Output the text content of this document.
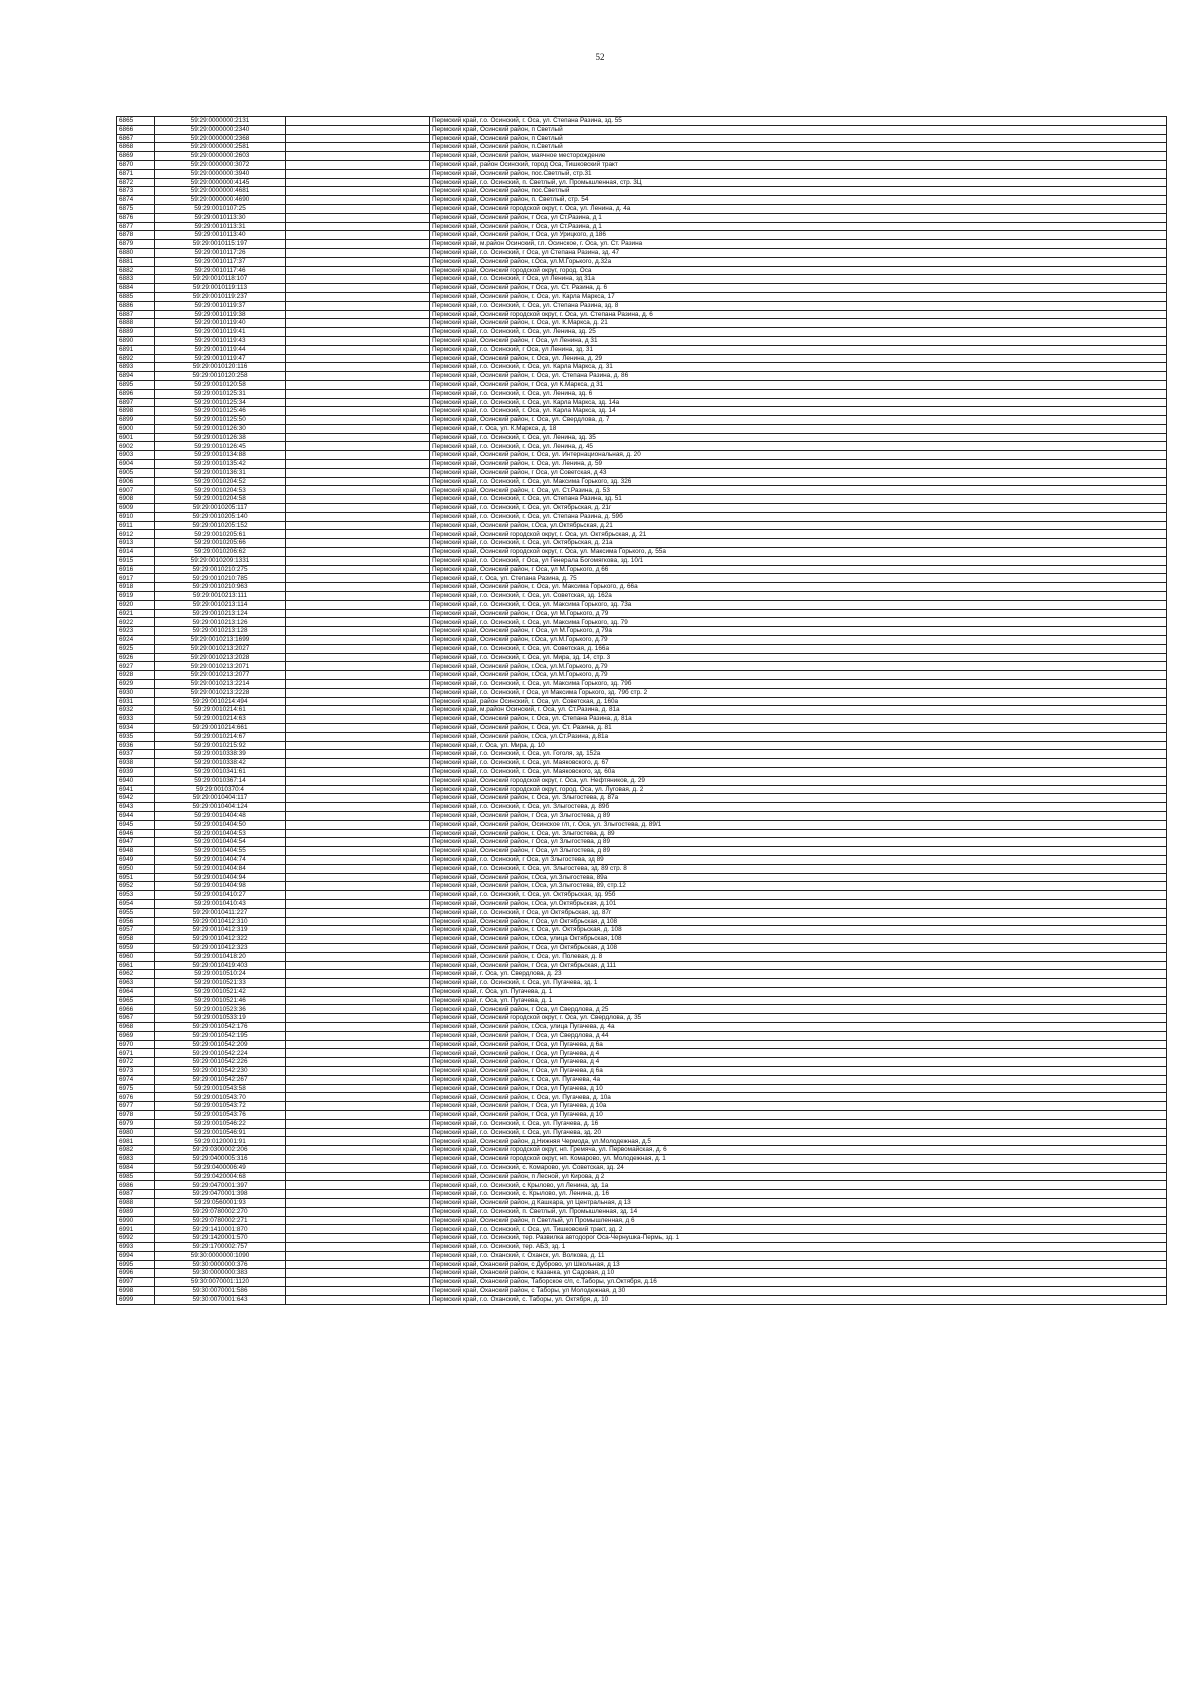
52
6865	59:29:0000000:2131		Пермский край, г.о. Осинский, г. Оса, ул. Степана Разина, зд. 55
6866	59:29:0000000:2340		Пермский край, Осинский район, п Светлый
6867	59:29:0000000:2368		Пермский край, Осинский район, п Светлый
6868	59:29:0000000:2581		Пермский край, Осинский район, п.Светлый
6869	59:29:0000000:2603		Пермский край, Осинский район, маячное месторождение
6870	59:29:0000000:3072		Пермский край, район Осинский, город Оса, Тишковский тракт
6871	59:29:0000000:3940		Пермский край, Осинский район, пос.Светлый, стр.31
6872	59:29:0000000:4145		Пермский край, г.о. Осинский, п. Светлый, ул. Промышленная, стр. 3Ц
6873	59:29:0000000:4681		Пермский край, Осинский район, пос.Светлый
6874	59:29:0000000:4690		Пермский край, Осинский район, п. Светлый, стр. 54
6875	59:29:0010107:25		Пермский край, Осинский городской округ, г. Оса, ул. Ленина, д. 4а
6876	59:29:0010113:30		Пермский край, Осинский район, г Оса, ул Ст.Разина, д 1
6877	59:29:0010113:31		Пермский край, Осинский район, г Оса, ул Ст.Разина, д 1
6878	59:29:0010113:40		Пермский край, Осинский район, г Оса, ул Урицкого, д 186
6879	59:29:0010115:197		Пермский край, м.район Осинский, г.п. Осинское, г. Оса, ул. Ст. Разина
6880	59:29:0010117:26		Пермский край, г.о. Осинский, г Оса, ул Степана Разина, зд. 47
6881	59:29:0010117:37		Пермский край, Осинский район, г.Оса, ул.М.Горького, д.32а
6882	59:29:0010117:46		Пермский край, Осинский городской округ, город. Оса
6883	59:29:0010118:107		Пермский край, г.о. Осинский, г Оса, ул Ленина, зд 31а
6884	59:29:0010119:113		Пермский край, Осинский район, г Оса, ул. Ст. Разина, д. 6
6885	59:29:0010119:237		Пермский край, Осинский район, г. Оса, ул. Карла Маркса, 17
6886	59:29:0010119:37		Пермский край, г.о. Осинский, г. Оса, ул. Степана Разина, зд. 8
6887	59:29:0010119:38		Пермский край, Осинский городской округ, г. Оса, ул. Степана Разина, д. 6
6888	59:29:0010119:40		Пермский край, Осинский район, г. Оса, ул. К.Маркса, д. 21
6889	59:29:0010119:41		Пермский край, г.о. Осинский, г. Оса, ул. Ленина, зд. 25
6890	59:29:0010119:43		Пермский край, Осинский район, г Оса, ул Ленина, д 31
6891	59:29:0010119:44		Пермский край, г.о. Осинский, г Оса, ул Ленина, зд. 31
6892	59:29:0010119:47		Пермский край, Осинский район, г. Оса, ул. Ленина, д. 29
6893	59:29:0010120:116		Пермский край, г.о. Осинский, г. Оса, ул. Карла Маркса, д. 31
6894	59:29:0010120:258		Пермский край, Осинский район, г. Оса, ул. Степана Разина, д. 86
6895	59:29:0010120:58		Пермский край, Осинский район, г Оса, ул К.Маркса, д 31
6896	59:29:0010125:31		Пермский край, г.о. Осинский, г. Оса, ул. Ленина, зд. 6
6897	59:29:0010125:34		Пермский край, г.о. Осинский, г. Оса, ул. Карла Маркса, зд. 14а
6898	59:29:0010125:46		Пермский край, г.о. Осинский, г. Оса, ул. Карла Маркса, зд. 14
6899	59:29:0010125:50		Пермский край, Осинский район, г. Оса, ул. Свердлова, д. 7
6900	59:29:0010126:30		Пермский край, г. Оса, ул. К.Маркса, д. 18
6901	59:29:0010126:38		Пермский край, г.о. Осинский, г. Оса, ул. Ленина, зд. 35
6902	59:29:0010126:45		Пермский край, г.о. Осинский, г. Оса, ул. Ленина, д. 45
6903	59:29:0010134:88		Пермский край, Осинский район, г. Оса, ул. Интернациональная, д. 20
6904	59:29:0010135:42		Пермский край, Осинский район, г. Оса, ул. Ленина, д. 59
6905	59:29:0010136:31		Пермский край, Осинский район, г Оса, ул Советская, д 43
6906	59:29:0010204:52		Пермский край, г.о. Осинский, г. Оса, ул. Максима Горького, зд. 326
6907	59:29:0010204:53		Пермский край, Осинский район, г. Оса, ул. Ст.Разина, д. 53
6908	59:29:0010204:58		Пермский край, г.о. Осинский, г. Оса, ул. Степана Разина, зд. 51
6909	59:29:0010205:117		Пермский край, г.о. Осинский, г. Оса, ул. Октябрьская, д. 21г
6910	59:29:0010205:140		Пермский край, г.о. Осинский, г. Оса, ул. Степана Разина, д. 59б
6911	59:29:0010205:152		Пермский край, Осинский район, г.Оса, ул.Октябрьская, д.21
6912	59:29:0010205:61		Пермский край, Осинский городской округ, г. Оса, ул. Октябрьская, д. 21
6913	59:29:0010205:66		Пермский край, г.о. Осинский, г. Оса, ул. Октябрьская, д. 21а
6914	59:29:0010206:62		Пермский край, Осинский городской округ, г. Оса, ул. Максима Горького, д. 55а
6915	59:29:0010209:1331		Пермский край, г.о. Осинский, г Оса, ул Генерала Богомягкова, зд. 10/1
6916	59:29:0010210:275		Пермский край, Осинский район, г Оса, ул М.Горького, д 66
6917	59:29:0010210:785		Пермский край, г. Оса, ул. Степана Разина, д. 75
6918	59:29:0010210:963		Пермский край, Осинский район, г. Оса, ул. Максима Горького, д. 66а
6919	59:29:0010213:111		Пермский край, г.о. Осинский, г. Оса, ул. Советская, зд. 162а
6920	59:29:0010213:114		Пермский край, г.о. Осинский, г. Оса, ул. Максима Горького, зд. 73а
6921	59:29:0010213:124		Пермский край, Осинский район, г Оса, ул М.Горького, д 79
6922	59:29:0010213:126		Пермский край, г.о. Осинский, г. Оса, ул. Максима Горького, зд. 79
6923	59:29:0010213:128		Пермский край, Осинский район, г Оса, ул М.Горького, д 79а
6924	59:29:0010213:1699		Пермский край, Осинский район, г.Оса, ул.М.Горького, д.79
6925	59:29:0010213:2027		Пермский край, г.о. Осинский, г. Оса, ул. Советская, д. 166а
6926	59:29:0010213:2028		Пермский край, г.о. Осинский, г. Оса, ул. Мира, зд. 14, стр. 3
6927	59:29:0010213:2071		Пермский край, Осинский район, г.Оса, ул.М.Горького, д.79
6928	59:29:0010213:2077		Пермский край, Осинский район, г.Оса, ул.М.Горького, д.79
6929	59:29:0010213:2214		Пермский край, г.о. Осинский, г. Оса, ул. Максима Горького, зд. 79б
6930	59:29:0010213:2228		Пермский край, г.о. Осинский, г Оса, ул Максима Горького, зд. 79б стр. 2
6931	59:29:0010214:494		Пермский край, район Осинский, г. Оса, ул. Советская, д. 160а
6932	59:29:0010214:61		Пермский край, м.район Осинский, г. Оса, ул. Ст.Разина, д. 81а
6933	59:29:0010214:63		Пермский край, Осинский район, г. Оса, ул. Степана Разина, д. 81а
6934	59:29:0010214:661		Пермский край, Осинский район, г. Оса, ул. Ст. Разина, д. 81
6935	59:29:0010214:67		Пермский край, Осинский район, г.Оса, ул.Ст.Разина, д.81а
6936	59:29:0010215:92		Пермский край, г. Оса, ул. Мира, д. 10
6937	59:29:0010338:39		Пермский край, г.о. Осинский, г. Оса, ул. Гоголя, зд. 152а
6938	59:29:0010338:42		Пермский край, г.о. Осинский, г. Оса, ул. Маяковского, д. 67
6939	59:29:0010341:61		Пермский край, г.о. Осинский, г. Оса, ул. Маяковского, зд. 60а
6940	59:29:0010367:14		Пермский край, Осинский городской округ, г. Оса, ул. Нефтяников, д. 29
6941	59:29:0010370:4		Пермский край, Осинский городской округ, город. Оса, ул. Луговая, д. 2
6942	59:29:0010404:117		Пермский край, Осинский район, г. Оса, ул. Злыгостева, д. 87а
6943	59:29:0010404:124		Пермский край, г.о. Осинский, г. Оса, ул. Злыгостева, д. 89б
6944	59:29:0010404:48		Пермский край, Осинский район, г Оса, ул Злыгостева, д 89
6945	59:29:0010404:50		Пермский край, Осинский район, Осинское г/п, г. Оса, ул. Злыгостева, д. 89/1
6946	59:29:0010404:53		Пермский край, Осинский район, г. Оса, ул. Злыгостева, д. 89
6947	59:29:0010404:54		Пермский край, Осинский район, г Оса, ул Злыгостева, д 89
6948	59:29:0010404:55		Пермский край, Осинский район, г Оса, ул Злыгостева, д 89
6949	59:29:0010404:74		Пермский край, г.о. Осинский, г Оса, ул Злыгостева, зд 89
6950	59:29:0010404:84		Пермский край, г.о. Осинский, г. Оса, ул. Злыгостева, зд. 89 стр. 8
6951	59:29:0010404:94		Пермский край, Осинский район, г.Оса, ул.Злыгостева, 89а
6952	59:29:0010404:98		Пермский край, Осинский район, г.Оса, ул.Злыгостева, 89, стр.12
6953	59:29:0010410:27		Пермский край, г.о. Осинский, г. Оса, ул. Октябрьская, зд. 95б
6954	59:29:0010410:43		Пермский край, Осинский район, г.Оса, ул.Октябрьская, д.101
6955	59:29:0010411:227		Пермский край, г.о. Осинский, г Оса, ул Октябрьская, зд. 87г
6956	59:29:0010412:310		Пермский край, Осинский район, г Оса, ул Октябрьская, д 108
6957	59:29:0010412:319		Пермский край, Осинский район, г. Оса, ул. Октябрьская, д. 108
6958	59:29:0010412:322		Пермский край, Осинский район, г.Оса, улица Октябрьская, 108
6959	59:29:0010412:323		Пермский край, Осинский район, г Оса, ул Октябрьская, д 108
6960	59:29:0010418:20		Пермский край, Осинский район, г. Оса, ул. Полевая, д. 8
6961	59:29:0010419:403		Пермский край, Осинский район, г Оса, ул Октябрьская, д 111
6962	59:29:0010510:24		Пермский край, г. Оса, ул. Свердлова, д. 23
6963	59:29:0010521:33		Пермский край, г.о. Осинский, г. Оса, ул. Пугачева, зд. 1
6964	59:29:0010521:42		Пермский край, г. Оса, ул. Пугачева, д. 1
6965	59:29:0010521:46		Пермский край, г. Оса, ул. Пугачева, д. 1
6966	59:29:0010523:36		Пермский край, Осинский район, г Оса, ул Свердлова, д 25
6967	59:29:0010533:19		Пермский край, Осинский городской округ, г. Оса, ул. Свердлова, д. 35
6968	59:29:0010542:176		Пермский край, Осинский район, г.Оса, улица Пугачева, д. 4а
6969	59:29:0010542:195		Пермский край, Осинский район, г Оса, ул Свердлова, д 44
6970	59:29:0010542:209		Пермский край, Осинский район, г Оса, ул Пугачева, д 6а
6971	59:29:0010542:224		Пермский край, Осинский район, г Оса, ул Пугачева, д 4
6972	59:29:0010542:226		Пермский край, Осинский район, г Оса, ул Пугачева, д 4
6973	59:29:0010542:230		Пермский край, Осинский район, г Оса, ул Пугачева, д 6а
6974	59:29:0010542:267		Пермский край, Осинский район, г. Оса, ул. Пугачева, 4а
6975	59:29:0010543:58		Пермский край, Осинский район, г Оса, ул Пугачева, д 10
6976	59:29:0010543:70		Пермский край, Осинский район, г. Оса, ул. Пугачева, д. 10а
6977	59:29:0010543:72		Пермский край, Осинский район, г Оса, ул Пугачева, д 10а
6978	59:29:0010543:76		Пермский край, Осинский район, г Оса, ул Пугачева, д 10
6979	59:29:0010546:22		Пермский край, г.о. Осинский, г. Оса, ул. Пугачева, д. 16
6980	59:29:0010546:91		Пермский край, г.о. Осинский, г. Оса, ул. Пугачева, зд. 20
6981	59:29:0120001:91		Пермский край, Осинский район, д.Нижняя Чермода, ул.Молодежная, д.5
6982	59:29:0300002:206		Пермский край, Осинский городской округ, нп. Гремяча, ул. Первомайская, д. 6
6983	59:29:0400005:316		Пермский край, Осинский городской округ, нп. Комарово, ул. Молодежная, д. 1
6984	59:29:0400006:49		Пермский край, г.о. Осинский, с. Комарово, ул. Советская, зд. 24
6985	59:29:0420004:68		Пермский край, Осинский район, п Лесной, ул Кирова, д 2
6986	59:29:0470001:397		Пермский край, г.о. Осинский, с Крылово, ул Ленина, зд. 1а
6987	59:29:0470001:398		Пермский край, г.о. Осинский, с. Крылово, ул. Ленина, д. 16
6988	59:29:0560001:93		Пермский край, Осинский район, д Кашкара, ул Центральная, д 13
6989	59:29:0780002:270		Пермский край, г.о. Осинский, п. Светлый, ул. Промышленная, зд. 14
6990	59:29:0780002:271		Пермский край, Осинский район, п Светлый, ул Промышленная, д 6
6991	59:29:1410001:870		Пермский край, г.о. Осинский, г. Оса, ул. Тишковский тракт, зд. 2
6992	59:29:1420001:570		Пермский край, г.о. Осинский, тер. Развилка автодорог Оса-Чернушка-Пермь, зд. 1
6993	59:29:1700002:757		Пермский край, г.о. Осинский, тер. АБЗ, зд. 1
6994	59:30:0000000:1090		Пермский край, г.о. Оханский, г. Оханск, ул. Волкова, д. 11
6995	59:30:0000000:376		Пермский край, Оханский район, с Дуброво, ул Школьная, д 13
6996	59:30:0000000:383		Пермский край, Оханский район, с Казанка, ул Садовая, д 10
6997	59:30:0070001:1120		Пермский край, Оханский район, Таборское с/п, с.Таборы, ул.Октября, д.16
6998	59:30:0070001:586		Пермский край, Оханский район, с Таборы, ул Молодежная, д 30
6999	59:30:0070001:643		Пермский край, г.о. Оханский, с. Таборы, ул. Октября, д. 10
